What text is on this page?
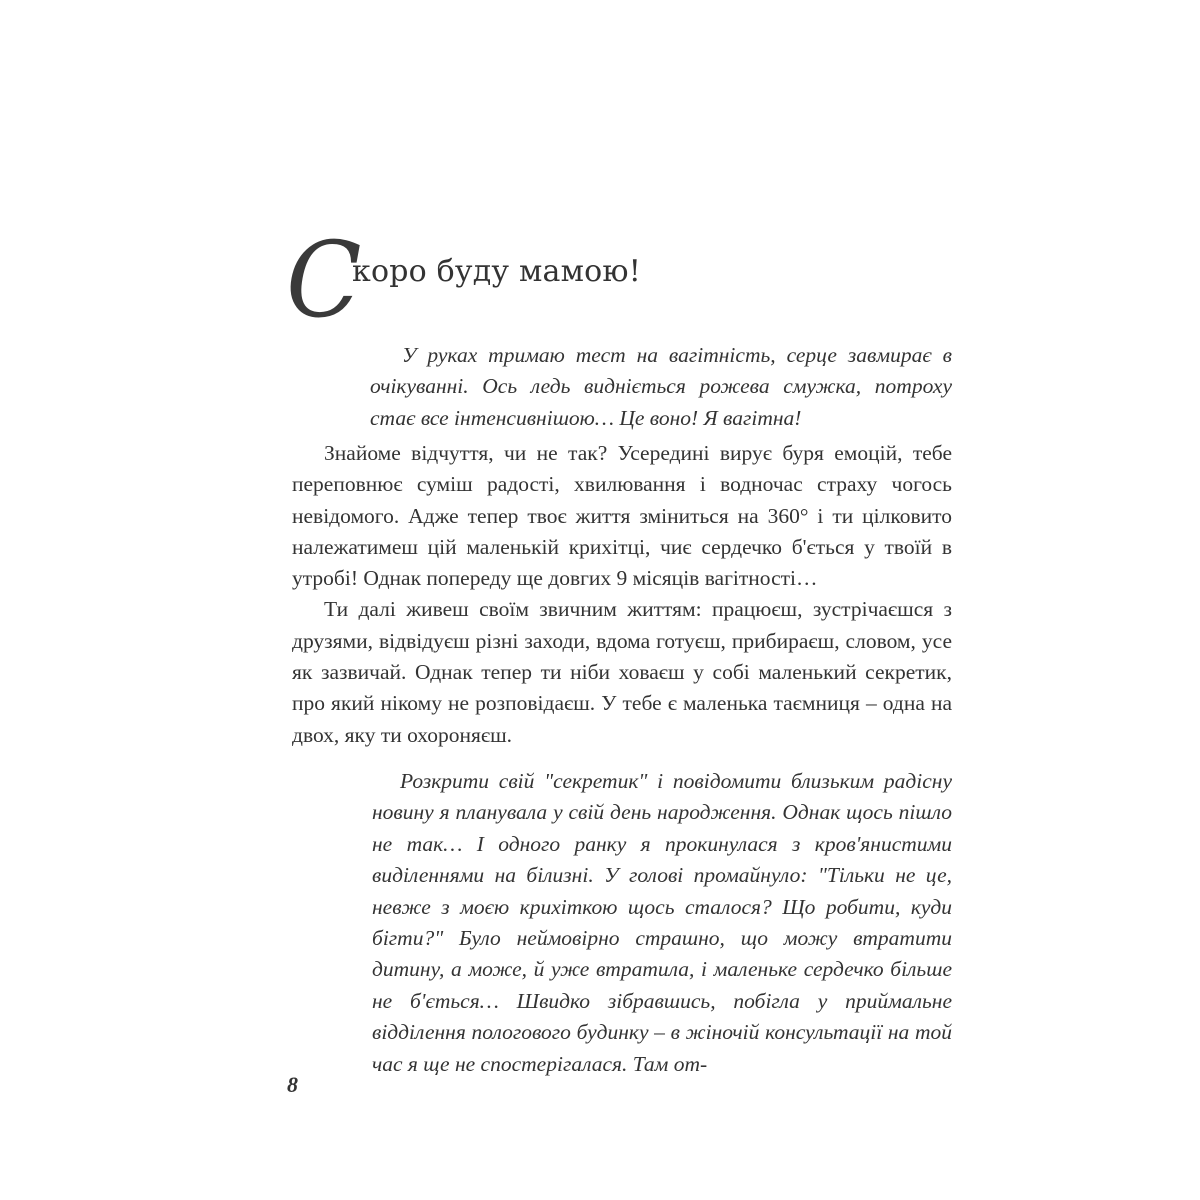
С
коро буду мамою!

У руках тримаю тест на вагітність, серце завмирає в очікуванні. Ось ледь видніється рожева смужка, потроху стає все інтенсивнішою… Це воно! Я вагітна!

Знайоме відчуття, чи не так? Усередині вирує буря емоцій, тебе переповнює суміш радості, хвилювання і водночас страху чогось невідомого. Адже тепер твоє життя зміниться на 360° і ти цілковито належатимеш цій маленькій крихітці, чиє сердечко б'ється у твоїй в утробі! Однак попереду ще довгих 9 місяців вагітності…

Ти далі живеш своїм звичним життям: працюєш, зустрічаєшся з друзями, відвідуєш різні заходи, вдома готуєш, прибираєш, словом, усе як зазвичай. Однак тепер ти ніби ховаєш у собі маленький секретик, про який нікому не розповідаєш. У тебе є маленька таємниця – одна на двох, яку ти охороняєш.

Розкрити свій "секретик" і повідомити близьким радісну новину я планувала у свій день народження. Однак щось пішло не так… І одного ранку я прокинулася з кров'янистими виділеннями на білизні. У голові промайнуло: "Тільки не це, невже з моєю крихіткою щось сталося? Що робити, куди бігти?" Було неймовірно страшно, що можу втратити дитину, а може, й уже втратила, і маленьке сердечко більше не б'ється… Швидко зібравшись, побігла у приймальне відділення пологового будинку – в жіночій консультації на той час я ще не спостерігалася. Там от-

8
